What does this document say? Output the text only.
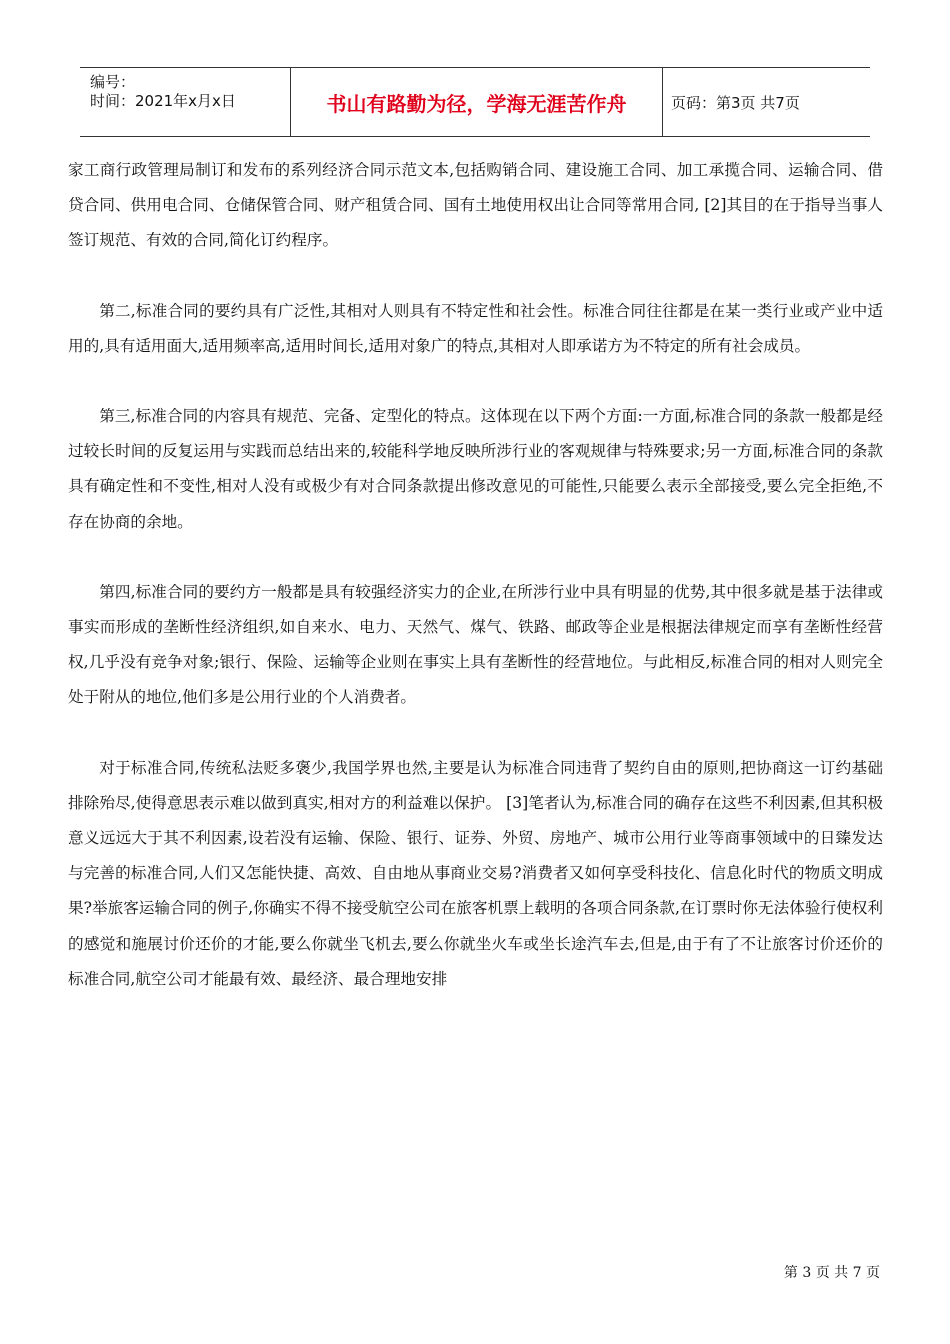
编号：
时间：2021年x月x日	书山有路勤为径，学海无涯苦作舟	页码：第3页 共7页

家工商行政管理局制订和发布的系列经济合同示范文本,包括购销合同、建设施工合同、加工承揽合同、运输合同、借贷合同、供用电合同、仓储保管合同、财产租赁合同、国有土地使用权出让合同等常用合同, [2]其目的在于指导当事人签订规范、有效的合同,简化订约程序。

第二,标准合同的要约具有广泛性,其相对人则具有不特定性和社会性。标准合同往往都是在某一类行业或产业中适用的,具有适用面大,适用频率高,适用时间长,适用对象广的特点,其相对人即承诺方为不特定的所有社会成员。

第三,标准合同的内容具有规范、完备、定型化的特点。这体现在以下两个方面:一方面,标准合同的条款一般都是经过较长时间的反复运用与实践而总结出来的,较能科学地反映所涉行业的客观规律与特殊要求;另一方面,标准合同的条款具有确定性和不变性,相对人没有或极少有对合同条款提出修改意见的可能性,只能要么表示全部接受,要么完全拒绝,不存在协商的余地。

第四,标准合同的要约方一般都是具有较强经济实力的企业,在所涉行业中具有明显的优势,其中很多就是基于法律或事实而形成的垄断性经济组织,如自来水、电力、天然气、煤气、铁路、邮政等企业是根据法律规定而享有垄断性经营权,几乎没有竞争对象;银行、保险、运输等企业则在事实上具有垄断性的经营地位。与此相反,标准合同的相对人则完全处于附从的地位,他们多是公用行业的个人消费者。

对于标准合同,传统私法贬多褒少,我国学界也然,主要是认为标准合同违背了契约自由的原则,把协商这一订约基础排除殆尽,使得意思表示难以做到真实,相对方的利益难以保护。 [3]笔者认为,标准合同的确存在这些不利因素,但其积极意义远远大于其不利因素,设若没有运输、保险、银行、证券、外贸、房地产、城市公用行业等商事领域中的日臻发达与完善的标准合同,人们又怎能快捷、高效、自由地从事商业交易?消费者又如何享受科技化、信息化时代的物质文明成果?举旅客运输合同的例子,你确实不得不接受航空公司在旅客机票上载明的各项合同条款,在订票时你无法体验行使权利的感觉和施展讨价还价的才能,要么你就坐飞机去,要么你就坐火车或坐长途汽车去,但是,由于有了不让旅客讨价还价的标准合同,航空公司才能最有效、最经济、最合理地安排

第 3 页 共 7 页
